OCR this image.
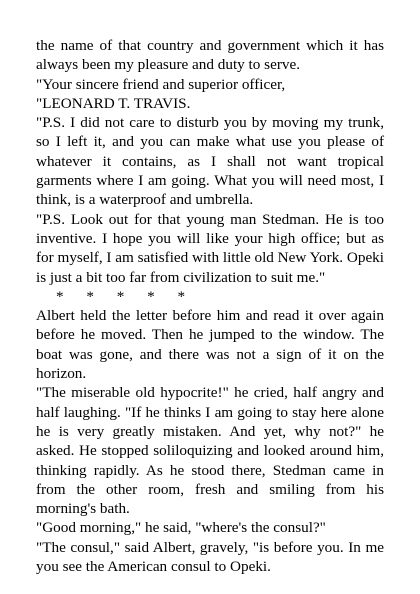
the name of that country and government which it has always been my pleasure and duty to serve.

"Your sincere friend and superior officer,

"LEONARD T. TRAVIS.

"P.S. I did not care to disturb you by moving my trunk, so I left it, and you can make what use you please of whatever it contains, as I shall not want tropical garments where I am going. What you will need most, I think, is a waterproof and umbrella.

"P.S. Look out for that young man Stedman. He is too inventive. I hope you will like your high office; but as for myself, I am satisfied with little old New York. Opeki is just a bit too far from civilization to suit me."

*      *      *      *      *

Albert held the letter before him and read it over again before he moved. Then he jumped to the window. The boat was gone, and there was not a sign of it on the horizon.

"The miserable old hypocrite!" he cried, half angry and half laughing. "If he thinks I am going to stay here alone he is very greatly mistaken. And yet, why not?" he asked. He stopped soliloquizing and looked around him, thinking rapidly. As he stood there, Stedman came in from the other room, fresh and smiling from his morning's bath.

"Good morning," he said, "where's the consul?"

"The consul," said Albert, gravely, "is before you. In me you see the American consul to Opeki.
